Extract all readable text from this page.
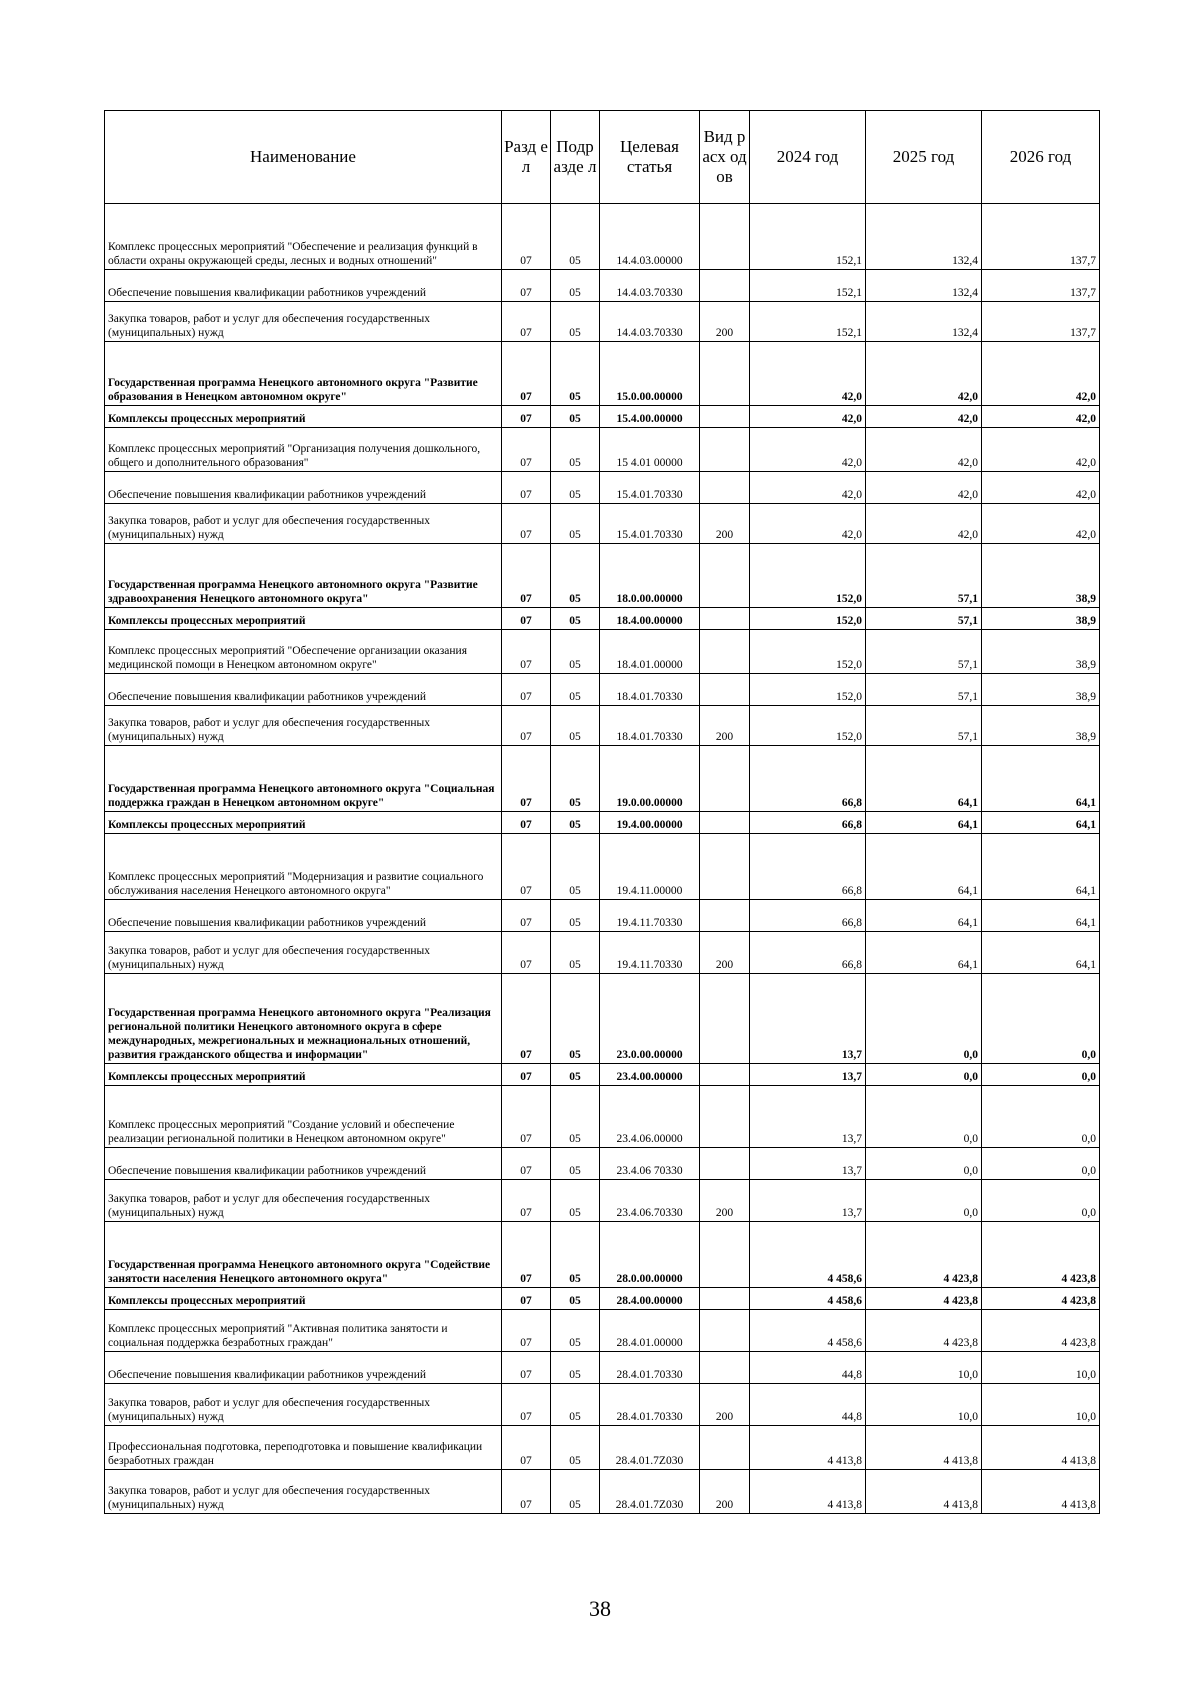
Наименование	Разд ел	Подр азде л	Целевая статья	Вид расх одов	2024 год	2025 год	2026 год
Комплекс процессных мероприятий "Обеспечение и реализация функций в области охраны окружающей среды, лесных и водных отношений"	07	05	14.4.03.00000		152,1	132,4	137,7
Обеспечение повышения квалификации работников учреждений	07	05	14.4.03.70330		152,1	132,4	137,7
Закупка товаров, работ и услуг для обеспечения государственных (муниципальных) нужд	07	05	14.4.03.70330	200	152,1	132,4	137,7
Государственная программа Ненецкого автономного округа "Развитие образования в Ненецком автономном округе"	07	05	15.0.00.00000		42,0	42,0	42,0
Комплексы процессных мероприятий	07	05	15.4.00.00000		42,0	42,0	42,0
Комплекс процессных мероприятий "Организация получения дошкольного, общего и дополнительного образования"	07	05	15 4.01 00000		42,0	42,0	42,0
Обеспечение повышения квалификации работников учреждений	07	05	15.4.01.70330		42,0	42,0	42,0
Закупка товаров, работ и услуг для обеспечения государственных (муниципальных) нужд	07	05	15.4.01.70330	200	42,0	42,0	42,0
Государственная программа Ненецкого автономного округа "Развитие здравоохранения Ненецкого автономного округа"	07	05	18.0.00.00000		152,0	57,1	38,9
Комплексы процессных мероприятий	07	05	18.4.00.00000		152,0	57,1	38,9
Комплекс процессных мероприятий "Обеспечение организации оказания медицинской помощи в Ненецком автономном округе"	07	05	18.4.01.00000		152,0	57,1	38,9
Обеспечение повышения квалификации работников учреждений	07	05	18.4.01.70330		152,0	57,1	38,9
Закупка товаров, работ и услуг для обеспечения государственных (муниципальных) нужд	07	05	18.4.01.70330	200	152,0	57,1	38,9
Государственная программа Ненецкого автономного округа "Социальная поддержка граждан в Ненецком автономном округе"	07	05	19.0.00.00000		66,8	64,1	64,1
Комплексы процессных мероприятий	07	05	19.4.00.00000		66,8	64,1	64,1
Комплекс процессных мероприятий "Модернизация и развитие социального обслуживания населения Ненецкого автономного округа"	07	05	19.4.11.00000		66,8	64,1	64,1
Обеспечение повышения квалификации работников учреждений	07	05	19.4.11.70330		66,8	64,1	64,1
Закупка товаров, работ и услуг для обеспечения государственных (муниципальных) нужд	07	05	19.4.11.70330	200	66,8	64,1	64,1
Государственная программа Ненецкого автономного округа "Реализация региональной политики Ненецкого автономного округа в сфере международных, межрегиональных и межнациональных отношений, развития гражданского общества и информации"	07	05	23.0.00.00000		13,7	0,0	0,0
Комплексы процессных мероприятий	07	05	23.4.00.00000		13,7	0,0	0,0
Комплекс процессных мероприятий "Создание условий и обеспечение реализации региональной политики в Ненецком автономном округе"	07	05	23.4.06.00000		13,7	0,0	0,0
Обеспечение повышения квалификации работников учреждений	07	05	23.4.06 70330		13,7	0,0	0,0
Закупка товаров, работ и услуг для обеспечения государственных (муниципальных) нужд	07	05	23.4.06.70330	200	13,7	0,0	0,0
Государственная программа Ненецкого автономного округа "Содействие занятости населения Ненецкого автономного округа"	07	05	28.0.00.00000		4 458,6	4 423,8	4 423,8
Комплексы процессных мероприятий	07	05	28.4.00.00000		4 458,6	4 423,8	4 423,8
Комплекс процессных мероприятий "Активная политика занятости и социальная поддержка безработных граждан"	07	05	28.4.01.00000		4 458,6	4 423,8	4 423,8
Обеспечение повышения квалификации работников учреждений	07	05	28.4.01.70330		44,8	10,0	10,0
Закупка товаров, работ и услуг для обеспечения государственных (муниципальных) нужд	07	05	28.4.01.70330	200	44,8	10,0	10,0
Профессиональная подготовка, переподготовка и повышение квалификации безработных граждан	07	05	28.4.01.7Z030		4 413,8	4 413,8	4 413,8
Закупка товаров, работ и услуг для обеспечения государственных (муниципальных) нужд	07	05	28.4.01.7Z030	200	4 413,8	4 413,8	4 413,8
38
